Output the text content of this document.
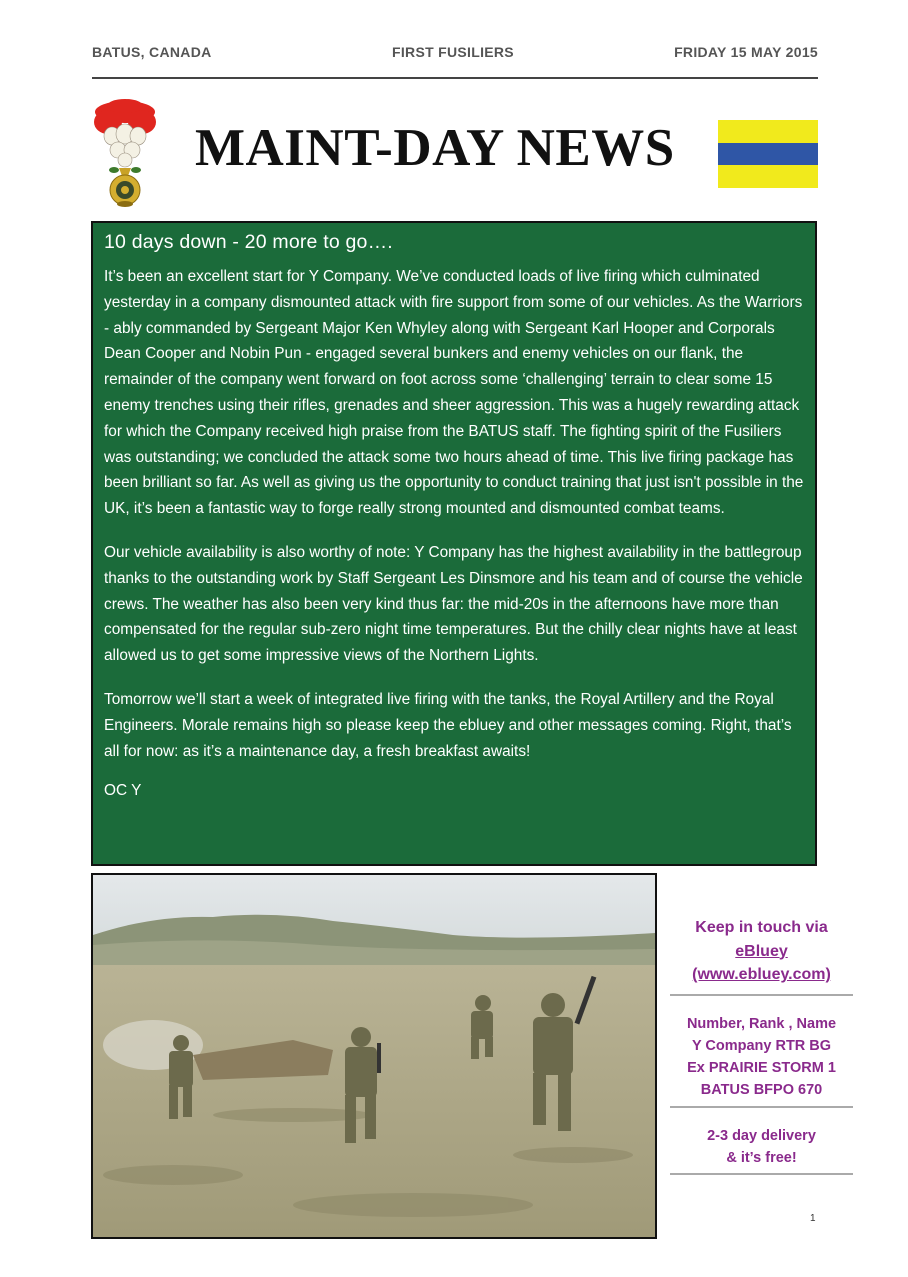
BATUS, CANADA	FIRST FUSILIERS	FRIDAY 15 MAY 2015
MAINT-DAY NEWS
10 days down - 20 more to go….

It’s been an excellent start for Y Company. We’ve conducted loads of live firing which culminated yesterday in a company dismounted attack with fire support from some of our vehicles. As the Warriors - ably commanded by Sergeant Major Ken Whyley along with Sergeant Karl Hooper and Corporals Dean Cooper and Nobin Pun - engaged several bunkers and enemy vehicles on our flank, the remainder of the company went forward on foot across some ‘challenging’ terrain to clear some 15 enemy trenches using their rifles, grenades and sheer aggression. This was a hugely rewarding attack for which the Company received high praise from the BATUS staff. The fighting spirit of the Fusiliers was outstanding; we concluded the attack some two hours ahead of time. This live firing package has been brilliant so far. As well as giving us the opportunity to conduct training that just isn't possible in the UK, it’s been a fantastic way to forge really strong mounted and dismounted combat teams.

Our vehicle availability is also worthy of note: Y Company has the highest availability in the battlegroup thanks to the outstanding work by Staff Sergeant Les Dinsmore and his team and of course the vehicle crews. The weather has also been very kind thus far: the mid-20s in the afternoons have more than compensated for the regular sub-zero night time temperatures. But the chilly clear nights have at least allowed us to get some impressive views of the Northern Lights.

Tomorrow we’ll start a week of integrated live firing with the tanks, the Royal Artillery and the Royal Engineers. Morale remains high so please keep the ebluey and other messages coming. Right, that’s all for now: as it’s a maintenance day, a fresh breakfast awaits!

OC Y
Keep in touch via
eBluey
(www.ebluey.com)
Number, Rank , Name
Y Company RTR BG
Ex PRAIRIE STORM 1
BATUS BFPO 670
2-3 day delivery
& it’s free!
1
